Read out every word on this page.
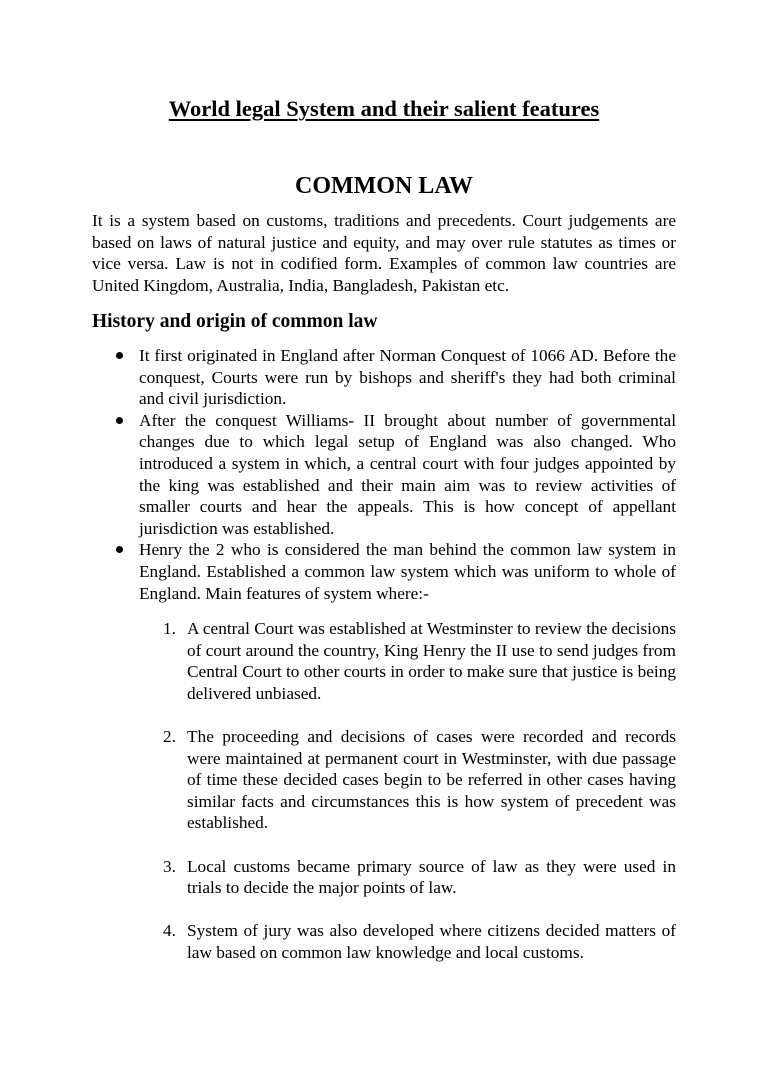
World legal System and their salient features
COMMON LAW

It is a system based on customs, traditions and precedents. Court judgements are based on laws of natural justice and equity, and may over rule statutes as times or vice versa. Law is not in codified form. Examples of common law countries are United Kingdom, Australia, India, Bangladesh, Pakistan etc.

History and origin of common law
It first originated in England after Norman Conquest of 1066 AD. Before the conquest, Courts were run by bishops and sheriff's they had both criminal and civil jurisdiction.
After the conquest Williams- II brought about number of governmental changes due to which legal setup of England was also changed. Who introduced a system in which, a central court with four judges appointed by the king was established and their main aim was to review activities of smaller courts and hear the appeals. This is how concept of appellant jurisdiction was established.
Henry the 2 who is considered the man behind the common law system in England. Established a common law system which was uniform to whole of England. Main features of system where:-
1. A central Court was established at Westminster to review the decisions of court around the country, King Henry the II use to send judges from Central Court to other courts in order to make sure that justice is being delivered unbiased.
2. The proceeding and decisions of cases were recorded and records were maintained at permanent court in Westminster, with due passage of time these decided cases begin to be referred in other cases having similar facts and circumstances this is how system of precedent was established.
3. Local customs became primary source of law as they were used in trials to decide the major points of law.
4. System of jury was also developed where citizens decided matters of law based on common law knowledge and local customs.
